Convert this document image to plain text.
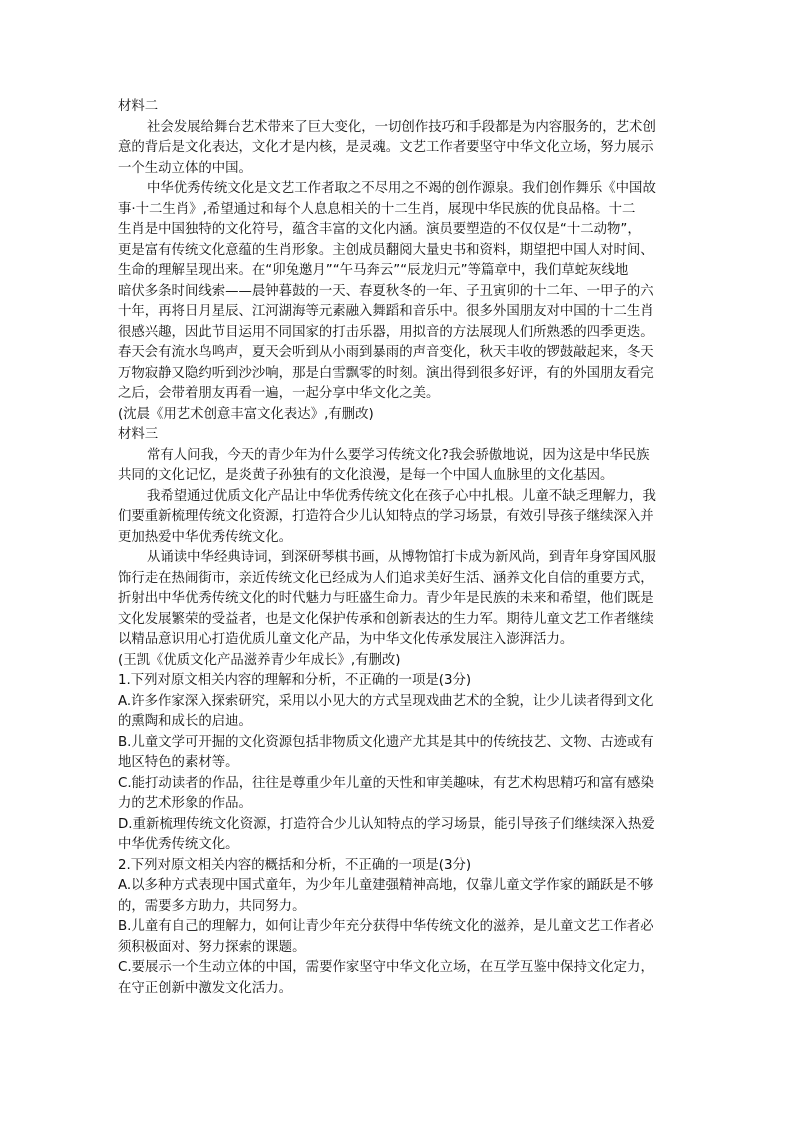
材料二
社会发展给舞台艺术带来了巨大变化，一切创作技巧和手段都是为内容服务的，艺术创
意的背后是文化表达，文化才是内核，是灵魂。文艺工作者要坚守中华文化立场，努力展示
一个生动立体的中国。
中华优秀传统文化是文艺工作者取之不尽用之不竭的创作源泉。我们创作舞乐《中国故
事·十二生肖》,希望通过和每个人息息相关的十二生肖，展现中华民族的优良品格。十二
生肖是中国独特的文化符号，蕴含丰富的文化内涵。演员要塑造的不仅仅是“十二动物”，
更是富有传统文化意蕴的生肖形象。主创成员翻阅大量史书和资料，期望把中国人对时间、
生命的理解呈现出来。在“卯兔邀月”“午马奔云”“辰龙归元”等篇章中，我们草蛇灰线地
暗伏多条时间线索——晨钟暮鼓的一天、春夏秋冬的一年、子丑寅卯的十二年、一甲子的六
十年，再将日月星辰、江河湖海等元素融入舞蹈和音乐中。很多外国朋友对中国的十二生肖
很感兴趣，因此节目运用不同国家的打击乐器，用拟音的方法展现人们所熟悉的四季更迭。
春天会有流水鸟鸣声，夏天会听到从小雨到暴雨的声音变化，秋天丰收的锣鼓敲起来，冬天
万物寂静又隐约听到沙沙响，那是白雪飘零的时刻。演出得到很多好评，有的外国朋友看完
之后，会带着朋友再看一遍，一起分享中华文化之美。
(沈晨《用艺术创意丰富文化表达》,有删改)
材料三
常有人问我，今天的青少年为什么要学习传统文化?我会骄傲地说，因为这是中华民族
共同的文化记忆，是炎黄子孙独有的文化浪漫，是每一个中国人血脉里的文化基因。
我希望通过优质文化产品让中华优秀传统文化在孩子心中扎根。儿童不缺乏理解力，我
们要重新梳理传统文化资源，打造符合少儿认知特点的学习场景，有效引导孩子继续深入并
更加热爱中华优秀传统文化。
从诵读中华经典诗词，到深研琴棋书画，从博物馆打卡成为新风尚，到青年身穿国风服
饰行走在热闹街市，亲近传统文化已经成为人们追求美好生活、涵养文化自信的重要方式，
折射出中华优秀传统文化的时代魅力与旺盛生命力。青少年是民族的未来和希望，他们既是
文化发展繁荣的受益者，也是文化保护传承和创新表达的生力军。期待儿童文艺工作者继续
以精品意识用心打造优质儿童文化产品，为中华文化传承发展注入澎湃活力。
(王凯《优质文化产品滋养青少年成长》,有删改)
1.下列对原文相关内容的理解和分析，不正确的一项是(3分)
A.许多作家深入探索研究，采用以小见大的方式呈现戏曲艺术的全貌，让少儿读者得到文化
的熏陶和成长的启迪。
B.儿童文学可开掘的文化资源包括非物质文化遗产尤其是其中的传统技艺、文物、古迹或有
地区特色的素材等。
C.能打动读者的作品，往往是尊重少年儿童的天性和审美趣味，有艺术构思精巧和富有感染
力的艺术形象的作品。
D.重新梳理传统文化资源，打造符合少儿认知特点的学习场景，能引导孩子们继续深入热爱
中华优秀传统文化。
2.下列对原文相关内容的概括和分析，不正确的一项是(3分)
A.以多种方式表现中国式童年，为少年儿童建强精神高地，仅靠儿童文学作家的踊跃是不够
的，需要多方助力，共同努力。
B.儿童有自己的理解力，如何让青少年充分获得中华传统文化的滋养，是儿童文艺工作者必
须积极面对、努力探索的课题。
C.要展示一个生动立体的中国，需要作家坚守中华文化立场，在互学互鉴中保持文化定力，
在守正创新中激发文化活力。
